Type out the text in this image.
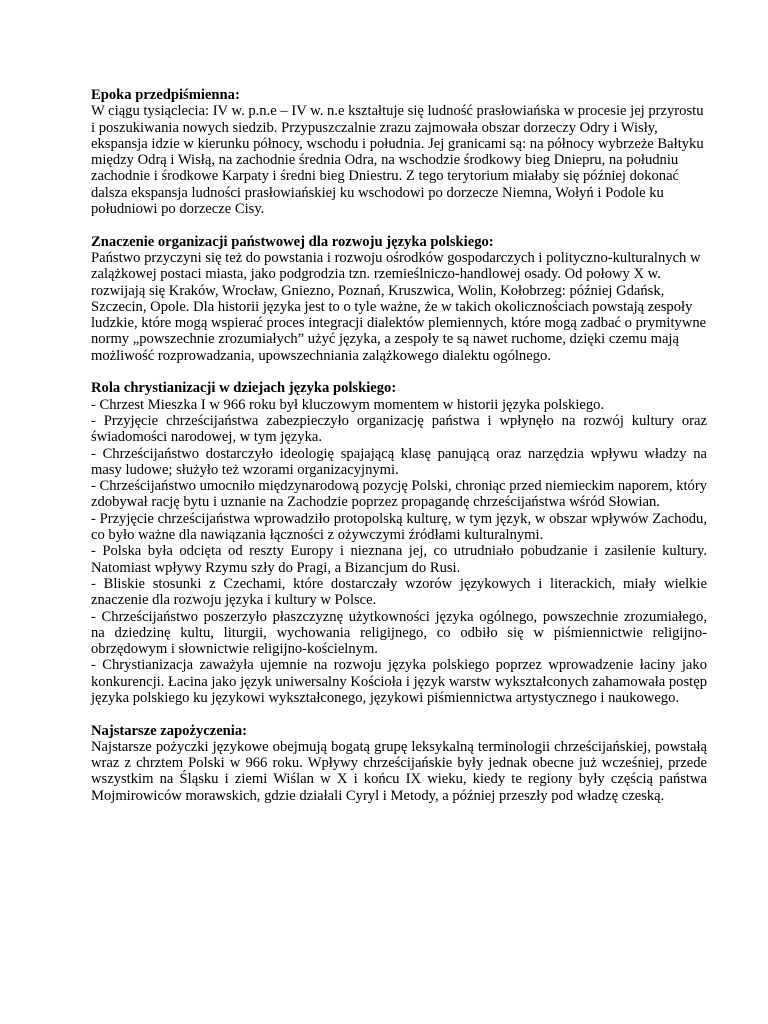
Epoka przedpiśmienna:

W ciągu tysiąclecia: IV w. p.n.e – IV w. n.e kształtuje się ludność prasłowiańska w procesie jej przyrostu i poszukiwania nowych siedzib. Przypuszczalnie zrazu zajmowała obszar dorzeczy Odry i Wisły, ekspansja idzie w kierunku północy, wschodu i południa. Jej granicami są: na północy wybrzeże Bałtyku między Odrą i Wisłą, na zachodnie średnia Odra, na wschodzie środkowy bieg Dniepru, na południu zachodnie i środkowe Karpaty i średni bieg Dniestru. Z tego terytorium miałaby się później dokonać dalsza ekspansja ludności prasłowiańskiej ku wschodowi po dorzecze Niemna, Wołyń i Podole ku południowi po dorzecze Cisy.

Znaczenie organizacji państwowej dla rozwoju języka polskiego:

Państwo przyczyni się też do powstania i rozwoju ośrodków gospodarczych i polityczno-kulturalnych w zalążkowej postaci miasta, jako podgrodzia tzn. rzemieślniczo-handlowej osady. Od połowy X w. rozwijają się Kraków, Wrocław, Gniezno, Poznań, Kruszwica, Wolin, Kołobrzeg: później Gdańsk, Szczecin, Opole. Dla historii języka jest to o tyle ważne, że w takich okolicznościach powstają zespoły ludzkie, które mogą wspierać proces integracji dialektów plemiennych, które mogą zadbać o prymitywne normy „powszechnie zrozumiałych” użyć języka, a zespoły te są nawet ruchome, dzięki czemu mają możliwość rozprowadzania, upowszechniania zalążkowego dialektu ogólnego.

Rola chrystianizacji w dziejach języka polskiego:

- Chrzest Mieszka I w 966 roku był kluczowym momentem w historii języka polskiego.
- Przyjęcie chrześcijaństwa zabezpieczyło organizację państwa i wpłynęło na rozwój kultury oraz świadomości narodowej, w tym języka.
- Chrześcijaństwo dostarczyło ideologię spajającą klasę panującą oraz narzędzia wpływu władzy na masy ludowe; służyło też wzorami organizacyjnymi.
- Chrześcijaństwo umocniło międzynarodową pozycję Polski, chroniąc przed niemieckim naporem, który zdobywał rację bytu i uznanie na Zachodzie poprzez propagandę chrześcijaństwa wśród Słowian.
- Przyjęcie chrześcijaństwa wprowadziło protopolską kulturę, w tym język, w obszar wpływów Zachodu, co było ważne dla nawiązania łączności z ożywczymi źródłami kulturalnymi.
- Polska była odcięta od reszty Europy i nieznana jej, co utrudniało pobudzanie i zasilenie kultury. Natomiast wpływy Rzymu szły do Pragi, a Bizancjum do Rusi.
- Bliskie stosunki z Czechami, które dostarczały wzorów językowych i literackich, miały wielkie znaczenie dla rozwoju języka i kultury w Polsce.
- Chrześcijaństwo poszerzyło płaszczyznę użytkowności języka ogólnego, powszechnie zrozumiałego, na dziedzinę kultu, liturgii, wychowania religijnego, co odbiło się w piśmiennictwie religijno-obrzędowym i słownictwie religijno-kościelnym.
- Chrystianizacja zaważyła ujemnie na rozwoju języka polskiego poprzez wprowadzenie łaciny jako konkurencji. Łacina jako język uniwersalny Kościoła i język warstw wykształconych zahamowała postęp języka polskiego ku językowi wykształconego, językowi piśmiennictwa artystycznego i naukowego.

Najstarsze zapożyczenia:

Najstarsze pożyczki językowe obejmują bogatą grupę leksykalną terminologii chrześcijańskiej, powstałą wraz z chrztem Polski w 966 roku. Wpływy chrześcijańskie były jednak obecne już wcześniej, przede wszystkim na Śląsku i ziemi Wiślan w X i końcu IX wieku, kiedy te regiony były częścią państwa Mojmirowiców morawskich, gdzie działali Cyryl i Metody, a później przeszły pod władzę czeską.
